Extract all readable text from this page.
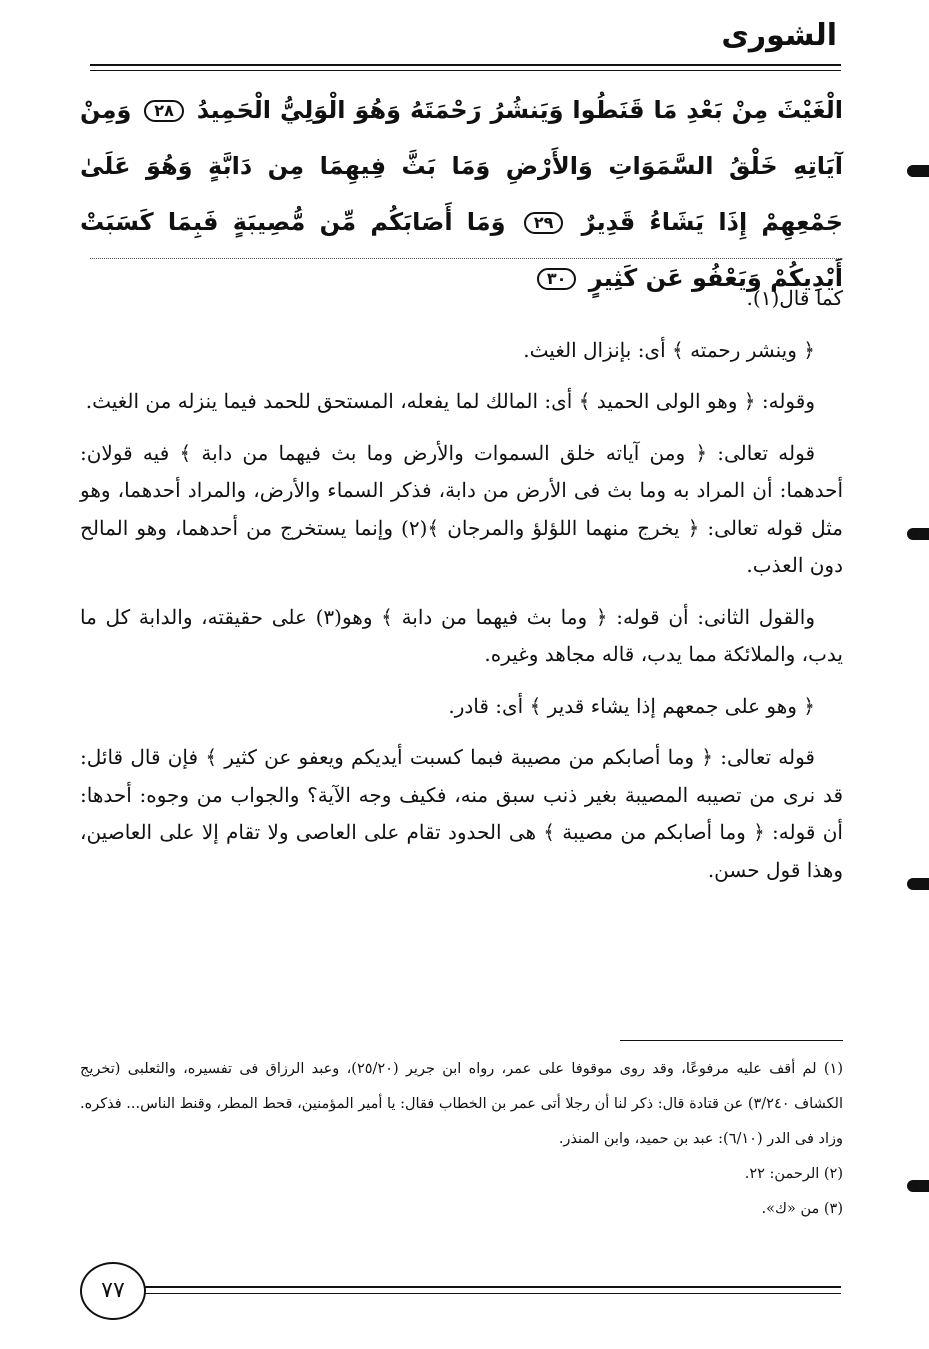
الشورى
الْغَيْثَ مِنْ بَعْدِ مَا قَنَطُوا وَيَنشُرُ رَحْمَتَهُ وَهُوَ الْوَلِيُّ الْحَمِيدُ ٢٨ وَمِنْ آيَاتِهِ خَلْقُ السَّمَوَاتِ وَالأَرْضِ وَمَا بَثَّ فِيهِمَا مِن دَابَّةٍ وَهُوَ عَلَىٰ جَمْعِهِمْ إِذَا يَشَاءُ قَدِيرٌ ٢٩ وَمَا أَصَابَكُم مِّن مُّصِيبَةٍ فَبِمَا كَسَبَتْ أَيْدِيكُمْ وَيَعْفُو عَن كَثِيرٍ ٣٠

كما قال(١).

﴿ وينشر رحمته ﴾ أى: بإنزال الغيث.

وقوله: ﴿ وهو الولى الحميد ﴾ أى: المالك لما يفعله، المستحق للحمد فيما ينزله من الغيث.

قوله تعالى: ﴿ ومن آياته خلق السموات والأرض وما بث فيهما من دابة ﴾ فيه قولان: أحدهما: أن المراد به وما بث فى الأرض من دابة، فذكر السماء والأرض، والمراد أحدهما، وهو مثل قوله تعالى: ﴿ يخرج منهما اللؤلؤ والمرجان ﴾(٢) وإنما يستخرج من أحدهما، وهو المالح دون العذب.

والقول الثانى: أن قوله: ﴿ وما بث فيهما من دابة ﴾ وهو(٣) على حقيقته، والدابة كل ما يدب، والملائكة مما يدب، قاله مجاهد وغيره.

﴿ وهو على جمعهم إذا يشاء قدير ﴾ أى: قادر.

قوله تعالى: ﴿ وما أصابكم من مصيبة فبما كسبت أيديكم ويعفو عن كثير ﴾ فإن قال قائل: قد نرى من تصيبه المصيبة بغير ذنب سبق منه، فكيف وجه الآية؟ والجواب من وجوه: أحدها: أن قوله: ﴿ وما أصابكم من مصيبة ﴾ هى الحدود تقام على العاصى ولا تقام إلا على العاصين، وهذا قول حسن.

(١) لم أقف عليه مرفوعًا، وقد روى موقوفا على عمر، رواه ابن جرير (٢٥/٢٠)، وعبد الرزاق فى تفسيره، والثعلبى (تخريج الكشاف ٣/٢٤٠) عن قتادة قال: ذكر لنا أن رجلا أتى عمر بن الخطاب فقال: يا أمير المؤمنين، قحط المطر، وقنط الناس... فذكره. وزاد فى الدر (٦/١٠): عبد بن حميد، وابن المنذر.

(٢) الرحمن: ٢٢.

(٣) من «ك».

٧٧
